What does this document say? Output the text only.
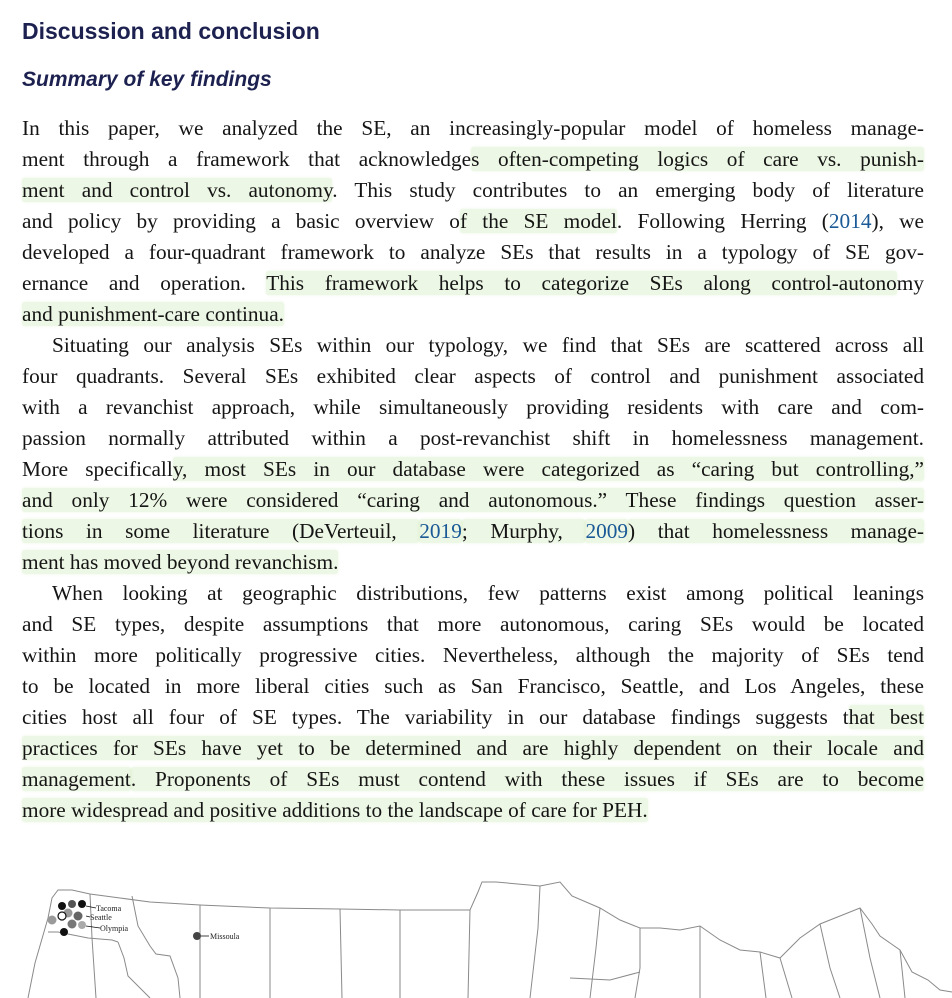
Discussion and conclusion
Summary of key findings
In this paper, we analyzed the SE, an increasingly-popular model of homeless manage-
ment through a framework that acknowledges often-competing logics of care vs. punish-
ment and control vs. autonomy. This study contributes to an emerging body of literature
and policy by providing a basic overview of the SE model. Following Herring (2014), we
developed a four-quadrant framework to analyze SEs that results in a typology of SE gov-
ernance and operation. This framework helps to categorize SEs along control-autonomy
and punishment-care continua.
Situating our analysis SEs within our typology, we find that SEs are scattered across all
four quadrants. Several SEs exhibited clear aspects of control and punishment associated
with a revanchist approach, while simultaneously providing residents with care and com-
passion normally attributed within a post-revanchist shift in homelessness management.
More specifically, most SEs in our database were categorized as “caring but controlling,”
and only 12% were considered “caring and autonomous.” These findings question asser-
tions in some literature (DeVerteuil, 2019; Murphy, 2009) that homelessness manage-
ment has moved beyond revanchism.
When looking at geographic distributions, few patterns exist among political leanings
and SE types, despite assumptions that more autonomous, caring SEs would be located
within more politically progressive cities. Nevertheless, although the majority of SEs tend
to be located in more liberal cities such as San Francisco, Seattle, and Los Angeles, these
cities host all four of SE types. The variability in our database findings suggests that best
practices for SEs have yet to be determined and are highly dependent on their locale and
management. Proponents of SEs must contend with these issues if SEs are to become
more widespread and positive additions to the landscape of care for PEH.
Tacoma
Seattle
Olympia
Missoula
